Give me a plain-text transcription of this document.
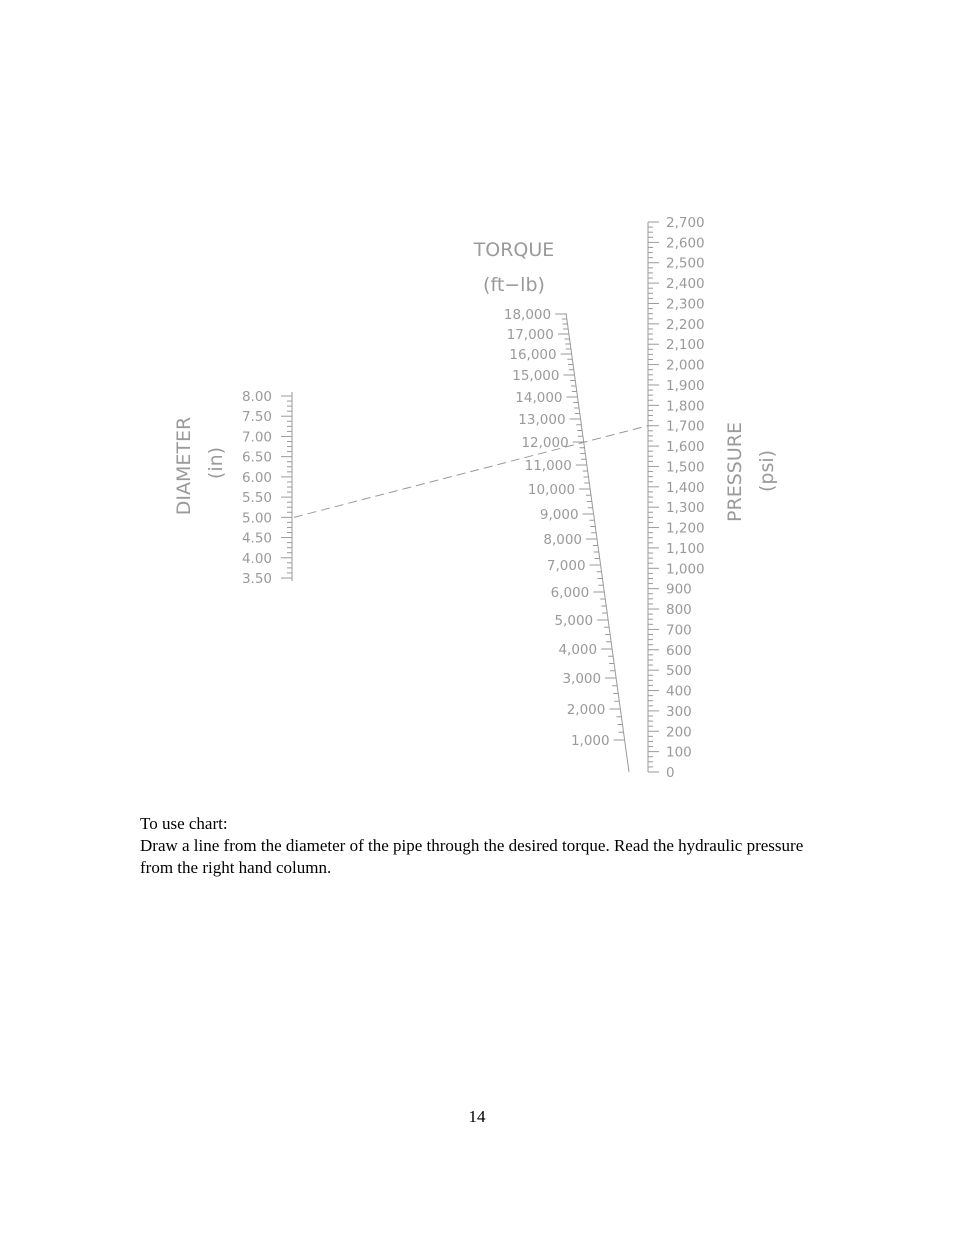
8.00
7.50
7.00
6.50
6.00
5.50
5.00
4.50
4.00
3.50
18,000
17,000
16,000
15,000
14,000
13,000
12,000
11,000
10,000
9,000
8,000
7,000
6,000
5,000
4,000
3,000
2,000
1,000
2,700
2,600
2,500
2,400
2,300
2,200
2,100
2,000
1,900
1,800
1,700
1,600
1,500
1,400
1,300
1,200
1,100
1,000
900
800
700
600
500
400
300
200
100
0
TORQUE
(ft−lb)
DIAMETER (in)	PRESSURE (psi)

To use chart:

Draw a line from the diameter of the pipe through the desired torque. Read the hydraulic pressure from the right hand column.

14
